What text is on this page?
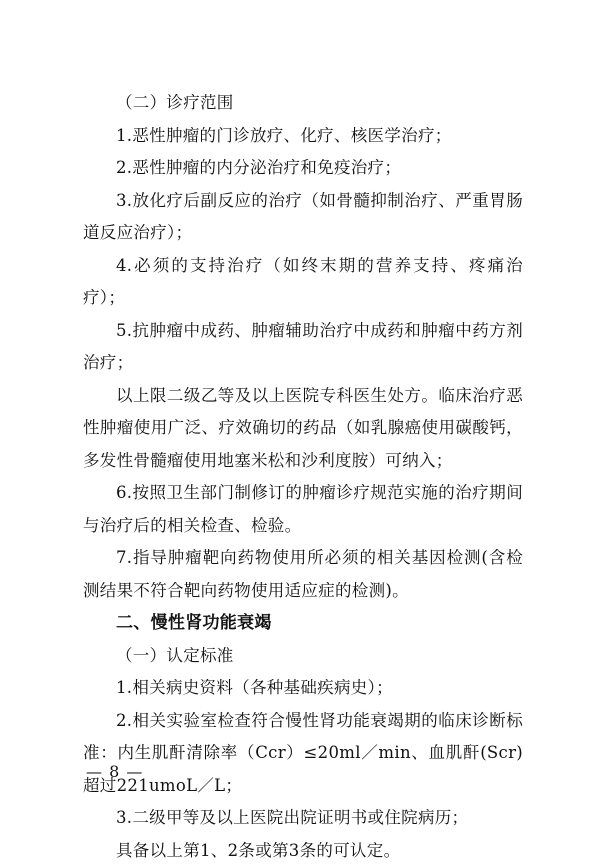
（二）诊疗范围

1.恶性肿瘤的门诊放疗、化疗、核医学治疗；

2.恶性肿瘤的内分泌治疗和免疫治疗；

3.放化疗后副反应的治疗（如骨髓抑制治疗、严重胃肠道反应治疗）；

4.必须的支持治疗（如终末期的营养支持、疼痛治疗）；

5.抗肿瘤中成药、肿瘤辅助治疗中成药和肿瘤中药方剂治疗；

以上限二级乙等及以上医院专科医生处方。临床治疗恶性肿瘤使用广泛、疗效确切的药品（如乳腺癌使用碳酸钙，多发性骨髓瘤使用地塞米松和沙利度胺）可纳入；

6.按照卫生部门制修订的肿瘤诊疗规范实施的治疗期间与治疗后的相关检查、检验。

7.指导肿瘤靶向药物使用所必须的相关基因检测(含检测结果不符合靶向药物使用适应症的检测)。

二、慢性肾功能衰竭

（一）认定标准

1.相关病史资料（各种基础疾病史）；

2.相关实验室检查符合慢性肾功能衰竭期的临床诊断标准：内生肌酐清除率（Ccr）≤20ml／min、血肌酐(Scr)超过221umoL／L；

3.二级甲等及以上医院出院证明书或住院病历；

具备以上第1、2条或第3条的可认定。

— 8 —
